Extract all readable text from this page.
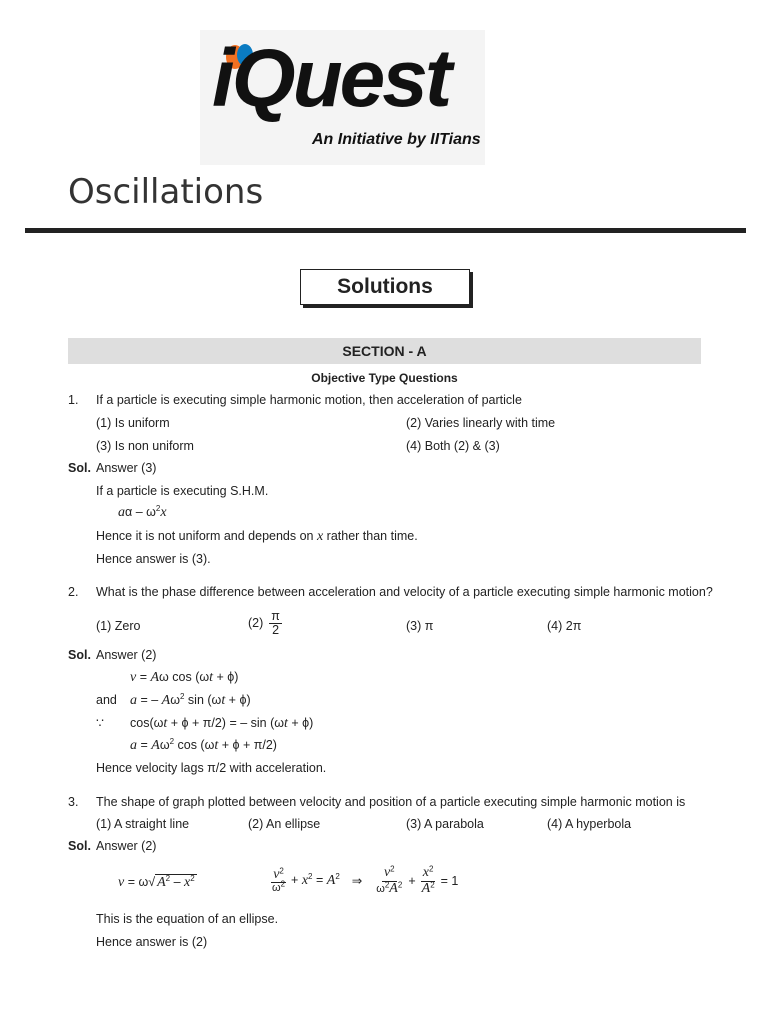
iQuest
An Initiative by IITians
Oscillations
Solutions
SECTION - A
Objective Type Questions
1. If a particle is executing simple harmonic motion, then acceleration of particle
(1) Is uniform	(2) Varies linearly with time
(3) Is non uniform	(4) Both (2) & (3)
Sol. Answer (3)
If a particle is executing S.H.M.
aα – $\omega^2x$
Hence it is not uniform and depends on x rather than time.
Hence answer is (3).
2. What is the phase difference between acceleration and velocity of a particle executing simple harmonic motion?
(1) Zero	$(2) \frac{\pi}{2}$	(3) π	(4) 2π
Sol. Answer (2)
v = Aω cos (ωt + ϕ)
and a = – $A\omega^2$ sin (ωt + ϕ)
∵ cos(ωt + ϕ + π/2) = – sin (ωt + ϕ)
$a = A\omega^2$ cos (ωt + ϕ + π/2)
Hence velocity lags π/2 with acceleration.
3. The shape of graph plotted between velocity and position of a particle executing simple harmonic motion is
(1) A straight line	(2) An ellipse	(3) A parabola	(4) A hyperbola
Sol. Answer (2)
v = ω√ $A^2 - x^2$	$\frac{v^2}{\omega^2} + x^2 = A^2$ ⇒ $\frac{v^2}{\omega^2A^2} + \frac{x^2}{A^2} = 1$
This is the equation of an ellipse.
Hence answer is (2)
